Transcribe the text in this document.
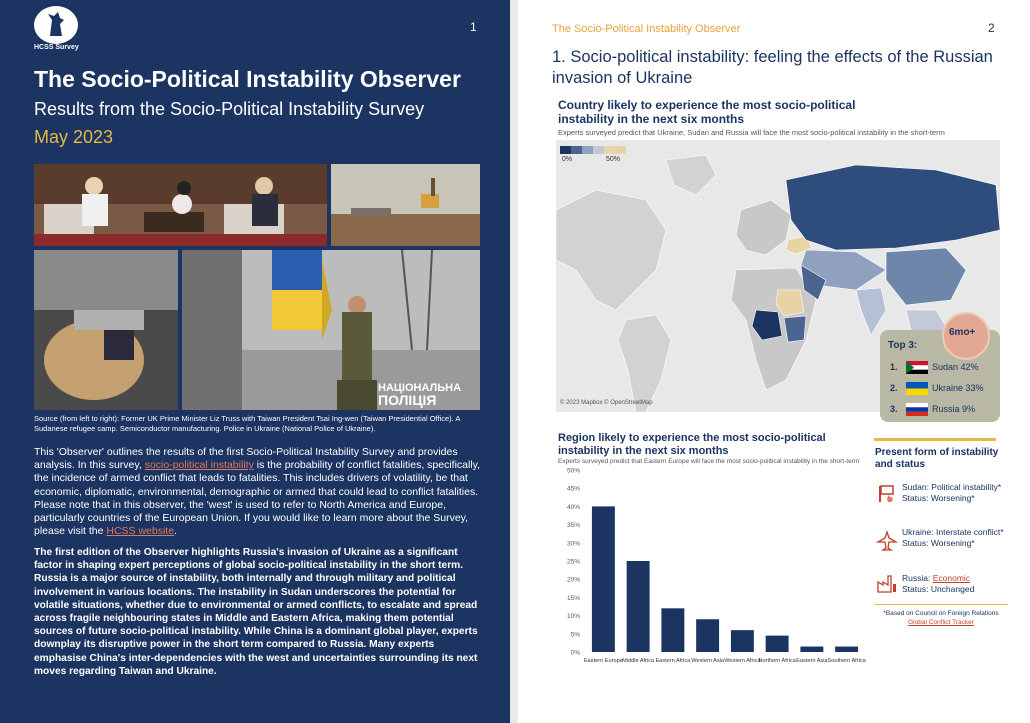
HCSS Survey
1
The Socio-Political Instability Observer
Results from the Socio-Political Instability Survey
May 2023
НАЦІОНАЛЬНА
ПОЛІЦІЯ
Source (from left to right): Former UK Prime Minister Liz Truss with Taiwan President Tsai Ing-wen (Taiwan Presidential Office). A Sudanese refugee camp. Semiconductor manufacturing. Police in Ukraine (National Police of Ukraine).
This 'Observer' outlines the results of the first Socio-Political Instability Survey and provides analysis. In this survey, socio-political instability is the probability of conflict fatalities, specifically, the incidence of armed conflict that leads to fatalities. This includes drivers of volatility, be that economic, diplomatic, environmental, demographic or armed that could lead to conflict fatalities. Please note that in this observer, the 'west' is used to refer to North America and Europe, particularly countries of the European Union. If you would like to learn more about the Survey, please visit the HCSS website.
The first edition of the Observer highlights Russia's invasion of Ukraine as a significant factor in shaping expert perceptions of global socio-political instability in the short term. Russia is a major source of instability, both internally and through military and political involvement in various locations. The instability in Sudan underscores the potential for volatile situations, whether due to environmental or armed conflicts, to escalate and spread across fragile neighbouring states in Middle and Eastern Africa, making them potential sources of future socio-political instability. While China is a dominant global player, experts downplay its disruptive power in the short term compared to Russia. Many experts emphasise China's inter-dependencies with the west and uncertainties surrounding its next moves regarding Taiwan and Ukraine.
The Socio-Political Instability Observer	2
1. Socio-political instability: feeling the effects of the Russian invasion of Ukraine
Country likely to experience the most socio-political instability in the next six months
Experts surveyed predict that Ukraine, Sudan and Russia will face the most socio-political instability in the short-term
0%	50%
© 2023 Mapbox © OpenStreetMap
6mo+
Top 3:
1.	Sudan 42%
2.	Ukraine 33%
3.	Russia 9%
Region likely to experience the most socio-political instability in the next six months
Experts surveyed predict that Eastern Europe will face the most socio-political instability in the short-term
0%
5%
10%
15%
20%
25%
30%
35%
40%
45%
50%
Eastern Europe Middle Africa Eastern Africa Western Asia Western Africa
Northern Africa Eastern Asia Southern Africa
Present form of instability and status
Sudan: Political instability*
Status: Worsening*
Ukraine: Interstate conflict*
Status: Worsening*
Russia: Economic
Status: Unchanged
*Based on Council on Foreign Relations Global Conflict Tracker
